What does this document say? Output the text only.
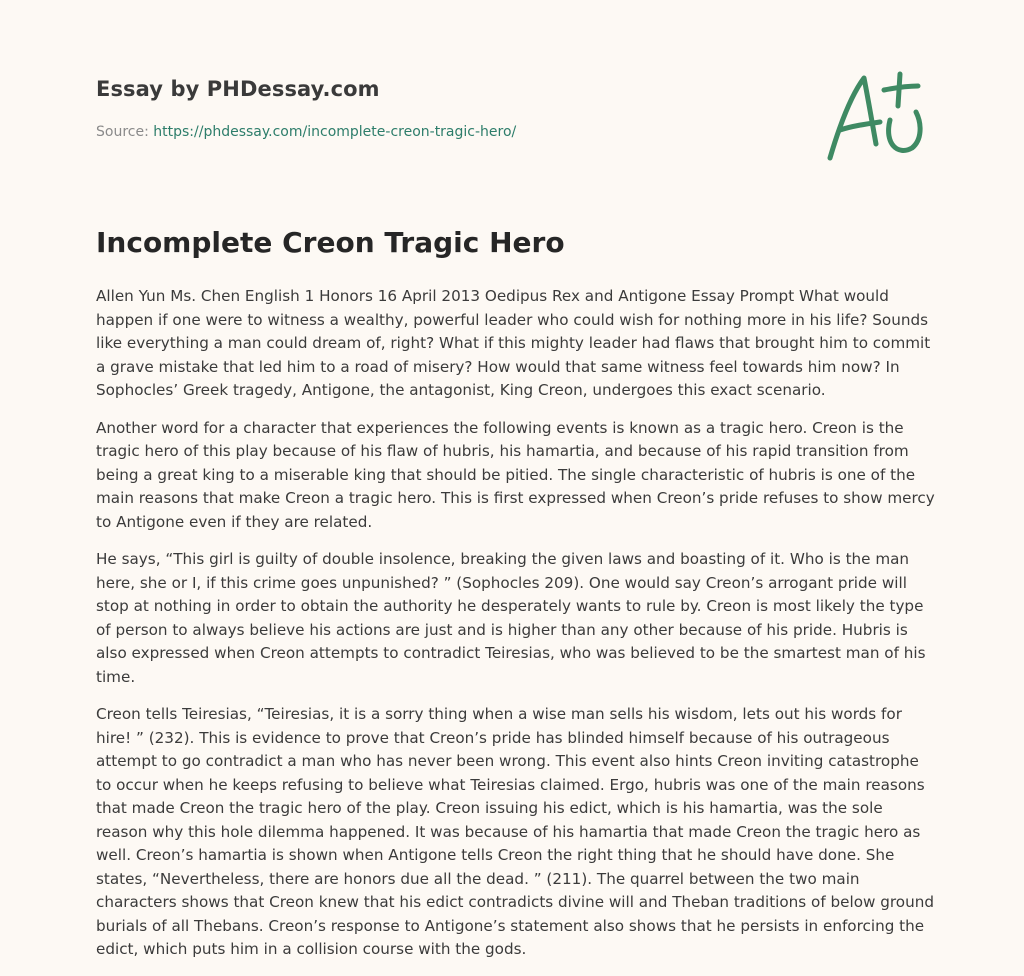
Essay by PHDessay.com
Source: https://phdessay.com/incomplete-creon-tragic-hero/
Incomplete Creon Tragic Hero

Allen Yun Ms. Chen English 1 Honors 16 April 2013 Oedipus Rex and Antigone Essay Prompt What would happen if one were to witness a wealthy, powerful leader who could wish for nothing more in his life? Sounds like everything a man could dream of, right? What if this mighty leader had flaws that brought him to commit a grave mistake that led him to a road of misery? How would that same witness feel towards him now? In Sophocles’ Greek tragedy, Antigone, the antagonist, King Creon, undergoes this exact scenario.

Another word for a character that experiences the following events is known as a tragic hero. Creon is the tragic hero of this play because of his flaw of hubris, his hamartia, and because of his rapid transition from being a great king to a miserable king that should be pitied. The single characteristic of hubris is one of the main reasons that make Creon a tragic hero. This is first expressed when Creon’s pride refuses to show mercy to Antigone even if they are related.

He says, “This girl is guilty of double insolence, breaking the given laws and boasting of it. Who is the man here, she or I, if this crime goes unpunished? ” (Sophocles 209). One would say Creon’s arrogant pride will stop at nothing in order to obtain the authority he desperately wants to rule by. Creon is most likely the type of person to always believe his actions are just and is higher than any other because of his pride. Hubris is also expressed when Creon attempts to contradict Teiresias, who was believed to be the smartest man of his time.

Creon tells Teiresias, “Teiresias, it is a sorry thing when a wise man sells his wisdom, lets out his words for hire! ” (232). This is evidence to prove that Creon’s pride has blinded himself because of his outrageous attempt to go contradict a man who has never been wrong. This event also hints Creon inviting catastrophe to occur when he keeps refusing to believe what Teiresias claimed. Ergo, hubris was one of the main reasons that made Creon the tragic hero of the play. Creon issuing his edict, which is his hamartia, was the sole reason why this hole dilemma happened. It was because of his hamartia that made Creon the tragic hero as well. Creon’s hamartia is shown when Antigone tells Creon the right thing that he should have done. She states, “Nevertheless, there are honors due all the dead. ” (211). The quarrel between the two main characters shows that Creon knew that his edict contradicts divine will and Theban traditions of below ground burials of all Thebans. Creon’s response to Antigone’s statement also shows that he persists in enforcing the edict, which puts him in a collision course with the gods.
